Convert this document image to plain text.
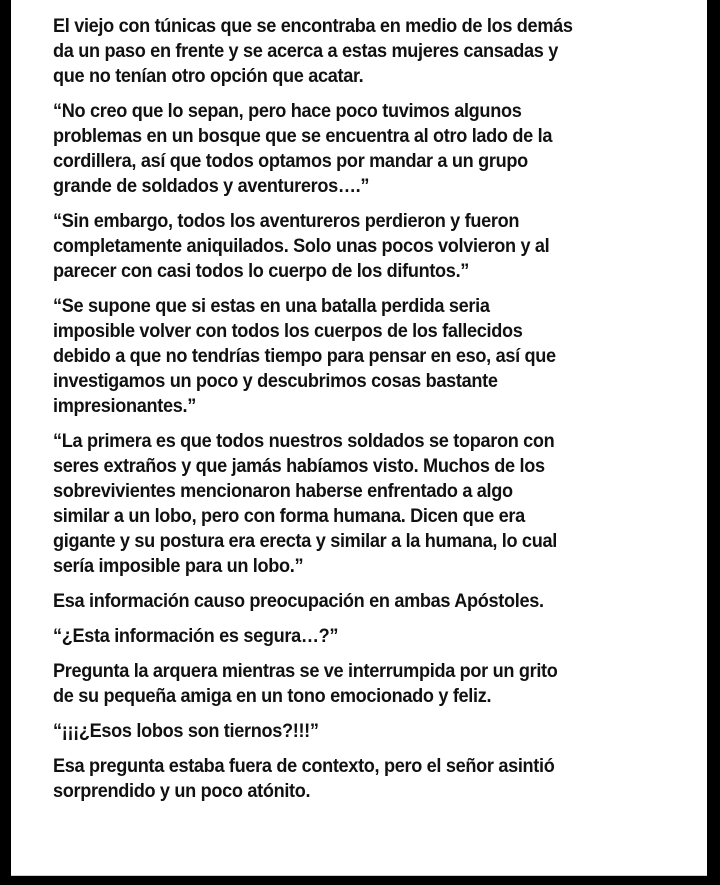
El viejo con túnicas que se encontraba en medio de los demás
da un paso en frente y se acerca a estas mujeres cansadas y
que no tenían otro opción que acatar.

“No creo que lo sepan, pero hace poco tuvimos algunos
problemas en un bosque que se encuentra al otro lado de la
cordillera, así que todos optamos por mandar a un grupo
grande de soldados y aventureros….”

“Sin embargo, todos los aventureros perdieron y fueron
completamente aniquilados. Solo unas pocos volvieron y al
parecer con casi todos lo cuerpo de los difuntos.”

“Se supone que si estas en una batalla perdida seria
imposible volver con todos los cuerpos de los fallecidos
debido a que no tendrías tiempo para pensar en eso, así que
investigamos un poco y descubrimos cosas bastante
impresionantes.”

“La primera es que todos nuestros soldados se toparon con
seres extraños y que jamás habíamos visto. Muchos de los
sobrevivientes mencionaron haberse enfrentado a algo
similar a un lobo, pero con forma humana. Dicen que era
gigante y su postura era erecta y similar a la humana, lo cual
sería imposible para un lobo.”

Esa información causo preocupación en ambas Apóstoles.

“¿Esta información es segura…?”

Pregunta la arquera mientras se ve interrumpida por un grito
de su pequeña amiga en un tono emocionado y feliz.

“¡¡¡¿Esos lobos son tiernos?!!!”

Esa pregunta estaba fuera de contexto, pero el señor asintió
sorprendido y un poco atónito.
